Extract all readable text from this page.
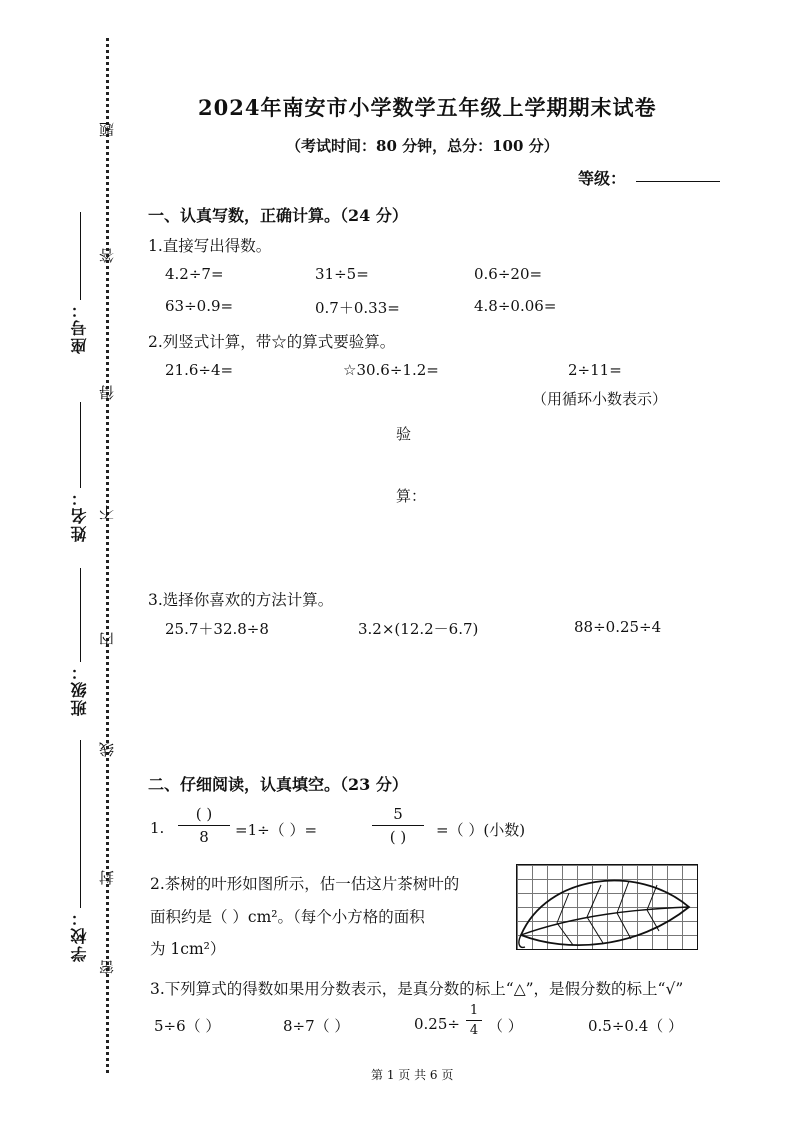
座号：
姓名：
班级：
学校：
题
答
得
不
内
线
封
密
2024年南安市小学数学五年级上学期期末试卷
（考试时间：80 分钟，总分：100 分）
等级：
一、认真写数，正确计算。（24 分）
1.直接写出得数。
4.2÷7=	31÷5=	0.6÷20=
63÷0.9=	0.7＋0.33=	4.8÷0.06=
2.列竖式计算，带☆的算式要验算。
21.6÷4=	☆30.6÷1.2=	2÷11=
（用循环小数表示）
验
算：
3.选择你喜欢的方法计算。
25.7＋32.8÷8	3.2×(12.2－6.7)	88÷0.25÷4
二、仔细阅读，认真填空。（23 分）
1.
( )
8	=1÷（ ）=
5
( )	=（ ）(小数)
2.茶树的叶形如图所示，估一估这片茶树叶的
面积约是（ ）cm²。（每个小方格的面积
为 1cm²）
3.下列算式的得数如果用分数表示，是真分数的标上“△”，是假分数的标上“√”
5÷6（ ）	8÷7（ ）	0.25÷
1
4 （ ）	0.5÷0.4（ ）
第 1 页 共 6 页
